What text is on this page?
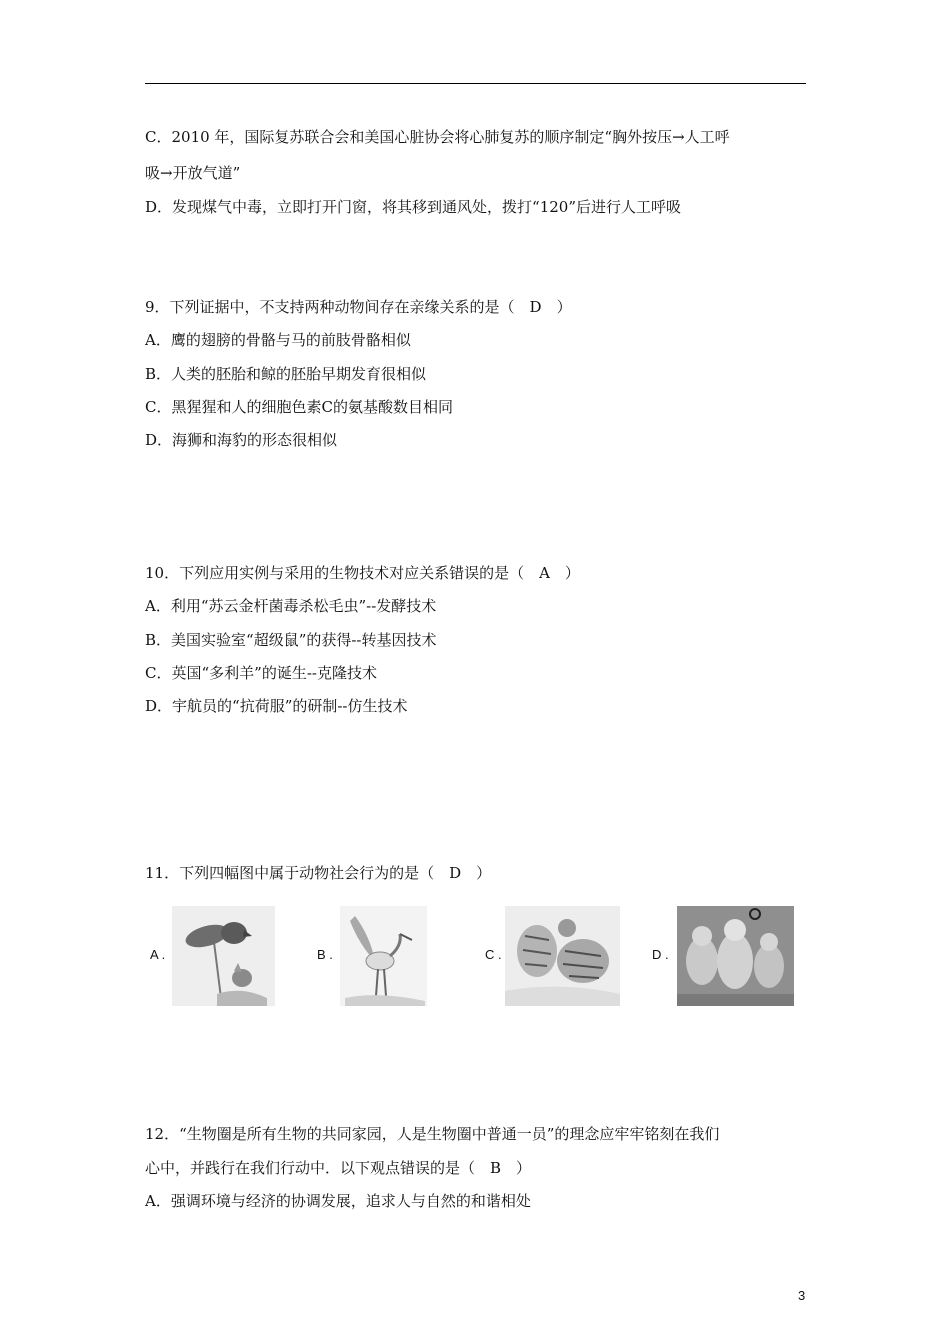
C．2010 年，国际复苏联合会和美国心脏协会将心肺复苏的顺序制定“胸外按压→人工呼
吸→开放气道”
D．发现煤气中毒，立即打开门窗，将其移到通风处，拨打“120”后进行人工呼吸
9．下列证据中，不支持两种动物间存在亲缘关系的是（　D　）
A．鹰的翅膀的骨骼与马的前肢骨骼相似
B．人类的胚胎和鲸的胚胎早期发育很相似
C．黑猩猩和人的细胞色素C的氨基酸数目相同
D．海狮和海豹的形态很相似
10．下列应用实例与采用的生物技术对应关系错误的是（　A　）
A．利用“苏云金杆菌毒杀松毛虫”--发酵技术
B．美国实验室“超级鼠”的获得--转基因技术
C．英国“多利羊”的诞生--克隆技术
D．宇航员的“抗荷服”的研制--仿生技术
11．下列四幅图中属于动物社会行为的是（　D　）
A .	B .	C .	D .
12．“生物圈是所有生物的共同家园，人是生物圈中普通一员”的理念应牢牢铭刻在我们
心中，并践行在我们行动中．以下观点错误的是（　B　）
A．强调环境与经济的协调发展，追求人与自然的和谐相处
3
